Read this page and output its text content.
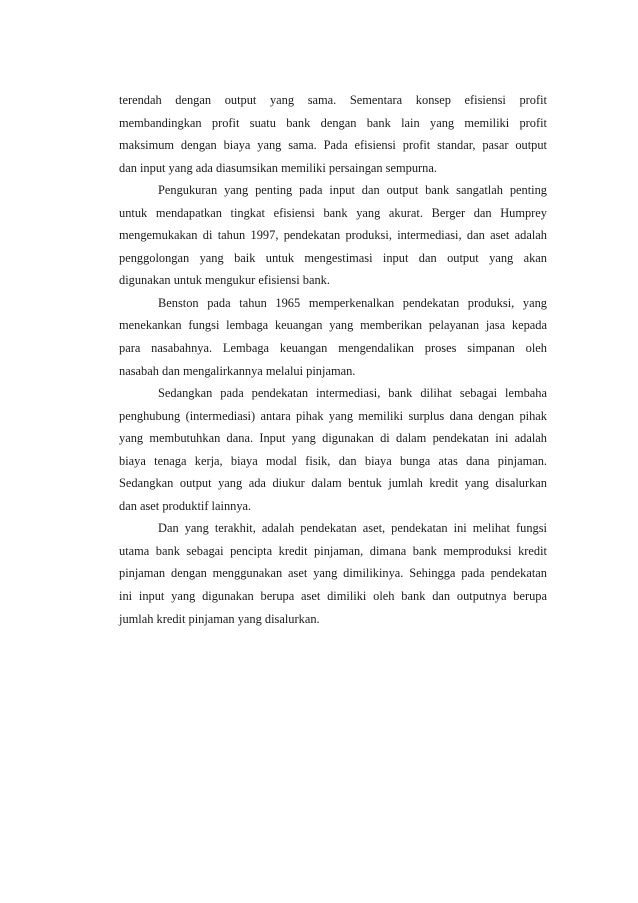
terendah dengan output yang sama. Sementara konsep efisiensi profit
membandingkan profit suatu bank dengan bank lain yang memiliki profit
maksimum dengan biaya yang sama. Pada efisiensi profit standar, pasar output
dan input yang ada diasumsikan memiliki persaingan sempurna.
Pengukuran yang penting pada input dan output bank sangatlah penting
untuk mendapatkan tingkat efisiensi bank yang akurat. Berger dan Humprey
mengemukakan di tahun 1997, pendekatan produksi, intermediasi, dan aset adalah
penggolongan yang baik untuk mengestimasi input dan output yang akan
digunakan untuk mengukur efisiensi bank.
Benston pada tahun 1965 memperkenalkan pendekatan produksi, yang
menekankan fungsi lembaga keuangan yang memberikan pelayanan jasa kepada
para nasabahnya. Lembaga keuangan mengendalikan proses simpanan oleh
nasabah dan mengalirkannya melalui pinjaman.
Sedangkan pada pendekatan intermediasi, bank dilihat sebagai lembaha
penghubung (intermediasi) antara pihak yang memiliki surplus dana dengan pihak
yang membutuhkan dana. Input yang digunakan di dalam pendekatan ini adalah
biaya tenaga kerja, biaya modal fisik, dan biaya bunga atas dana pinjaman.
Sedangkan output yang ada diukur dalam bentuk jumlah kredit yang disalurkan
dan aset produktif lainnya.
Dan yang terakhit, adalah pendekatan aset, pendekatan ini melihat fungsi
utama bank sebagai pencipta kredit pinjaman, dimana bank memproduksi kredit
pinjaman dengan menggunakan aset yang dimilikinya. Sehingga pada pendekatan
ini input yang digunakan berupa aset dimiliki oleh bank dan outputnya berupa
jumlah kredit pinjaman yang disalurkan.
